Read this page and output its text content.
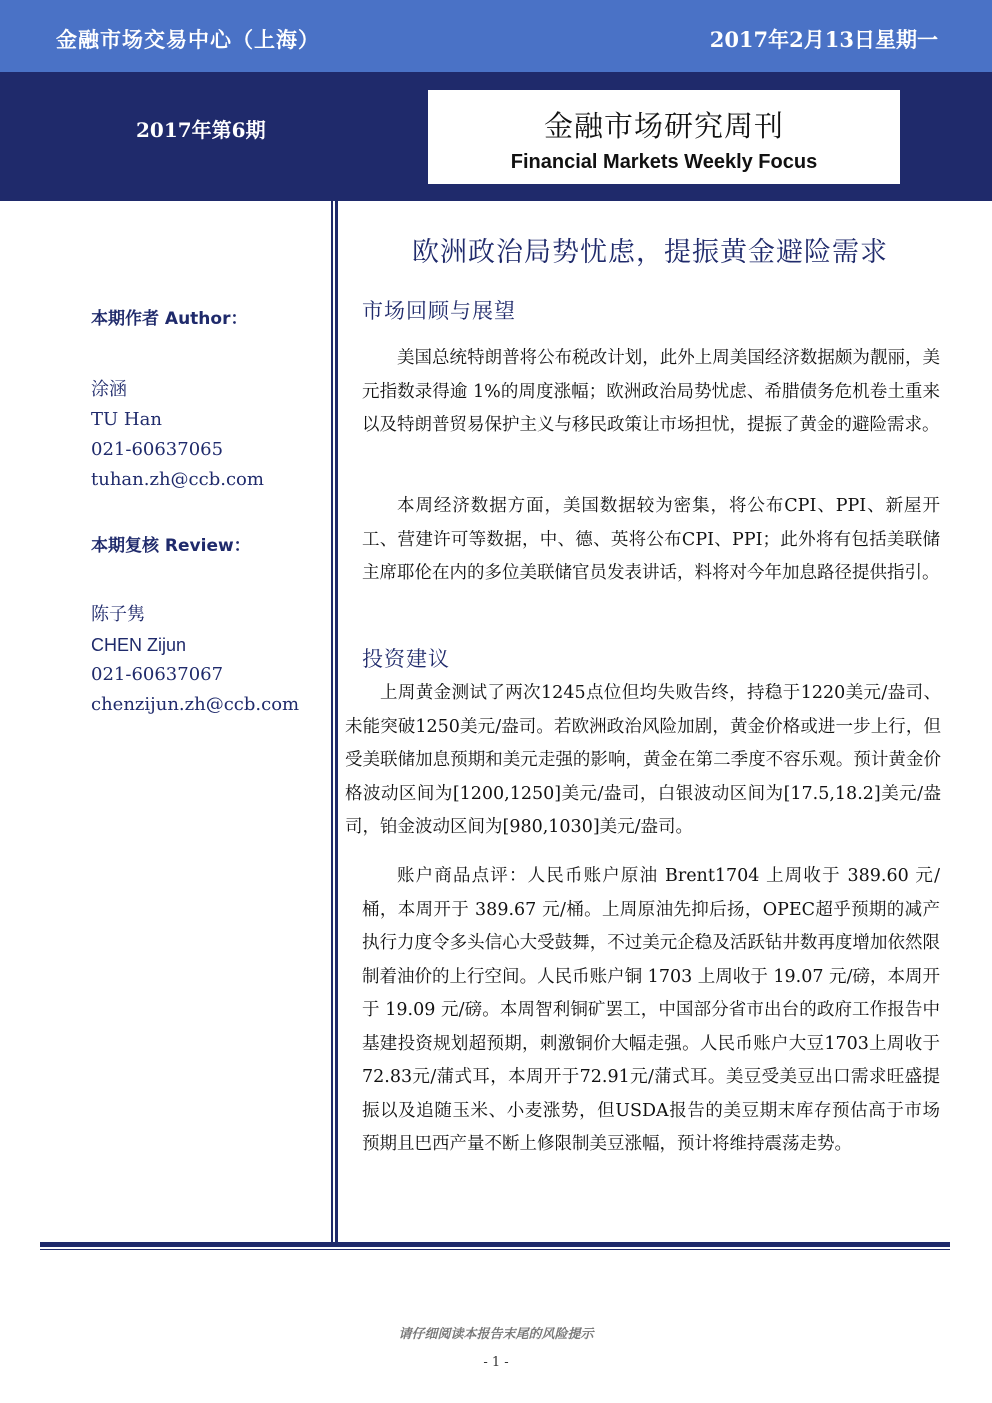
金融市场交易中心（上海）	2017年2月13日星期一
2017年第6期	金融市场研究周刊
Financial Markets Weekly Focus

本期作者 Author：

涂涵

TU Han

021-60637065

tuhan.zh@ccb.com

本期复核 Review：

陈子隽

CHEN Zijun

021-60637067

chenzijun.zh@ccb.com

欧洲政治局势忧虑，提振黄金避险需求
市场回顾与展望

美国总统特朗普将公布税改计划，此外上周美国经济数据颇为靓丽，美元指数录得逾 1%的周度涨幅；欧洲政治局势忧虑、希腊债务危机卷土重来以及特朗普贸易保护主义与移民政策让市场担忧，提振了黄金的避险需求。

本周经济数据方面，美国数据较为密集，将公布CPI、PPI、新屋开工、营建许可等数据，中、德、英将公布CPI、PPI；此外将有包括美联储主席耶伦在内的多位美联储官员发表讲话，料将对今年加息路径提供指引。

投资建议

上周黄金测试了两次1245点位但均失败告终，持稳于1220美元/盎司、未能突破1250美元/盎司。若欧洲政治风险加剧，黄金价格或进一步上行，但受美联储加息预期和美元走强的影响，黄金在第二季度不容乐观。预计黄金价格波动区间为[1200,1250]美元/盎司，白银波动区间为[17.5,18.2]美元/盎司，铂金波动区间为[980,1030]美元/盎司。

账户商品点评：人民币账户原油 Brent1704 上周收于 389.60 元/桶，本周开于 389.67 元/桶。上周原油先抑后扬，OPEC超乎预期的减产执行力度令多头信心大受鼓舞，不过美元企稳及活跃钻井数再度增加依然限制着油价的上行空间。人民币账户铜 1703 上周收于 19.07 元/磅，本周开于 19.09 元/磅。本周智利铜矿罢工，中国部分省市出台的政府工作报告中基建投资规划超预期，刺激铜价大幅走强。人民币账户大豆1703上周收于72.83元/蒲式耳，本周开于72.91元/蒲式耳。美豆受美豆出口需求旺盛提振以及追随玉米、小麦涨势，但USDA报告的美豆期末库存预估高于市场预期且巴西产量不断上修限制美豆涨幅，预计将维持震荡走势。

请仔细阅读本报告末尾的风险提示
- 1 -
